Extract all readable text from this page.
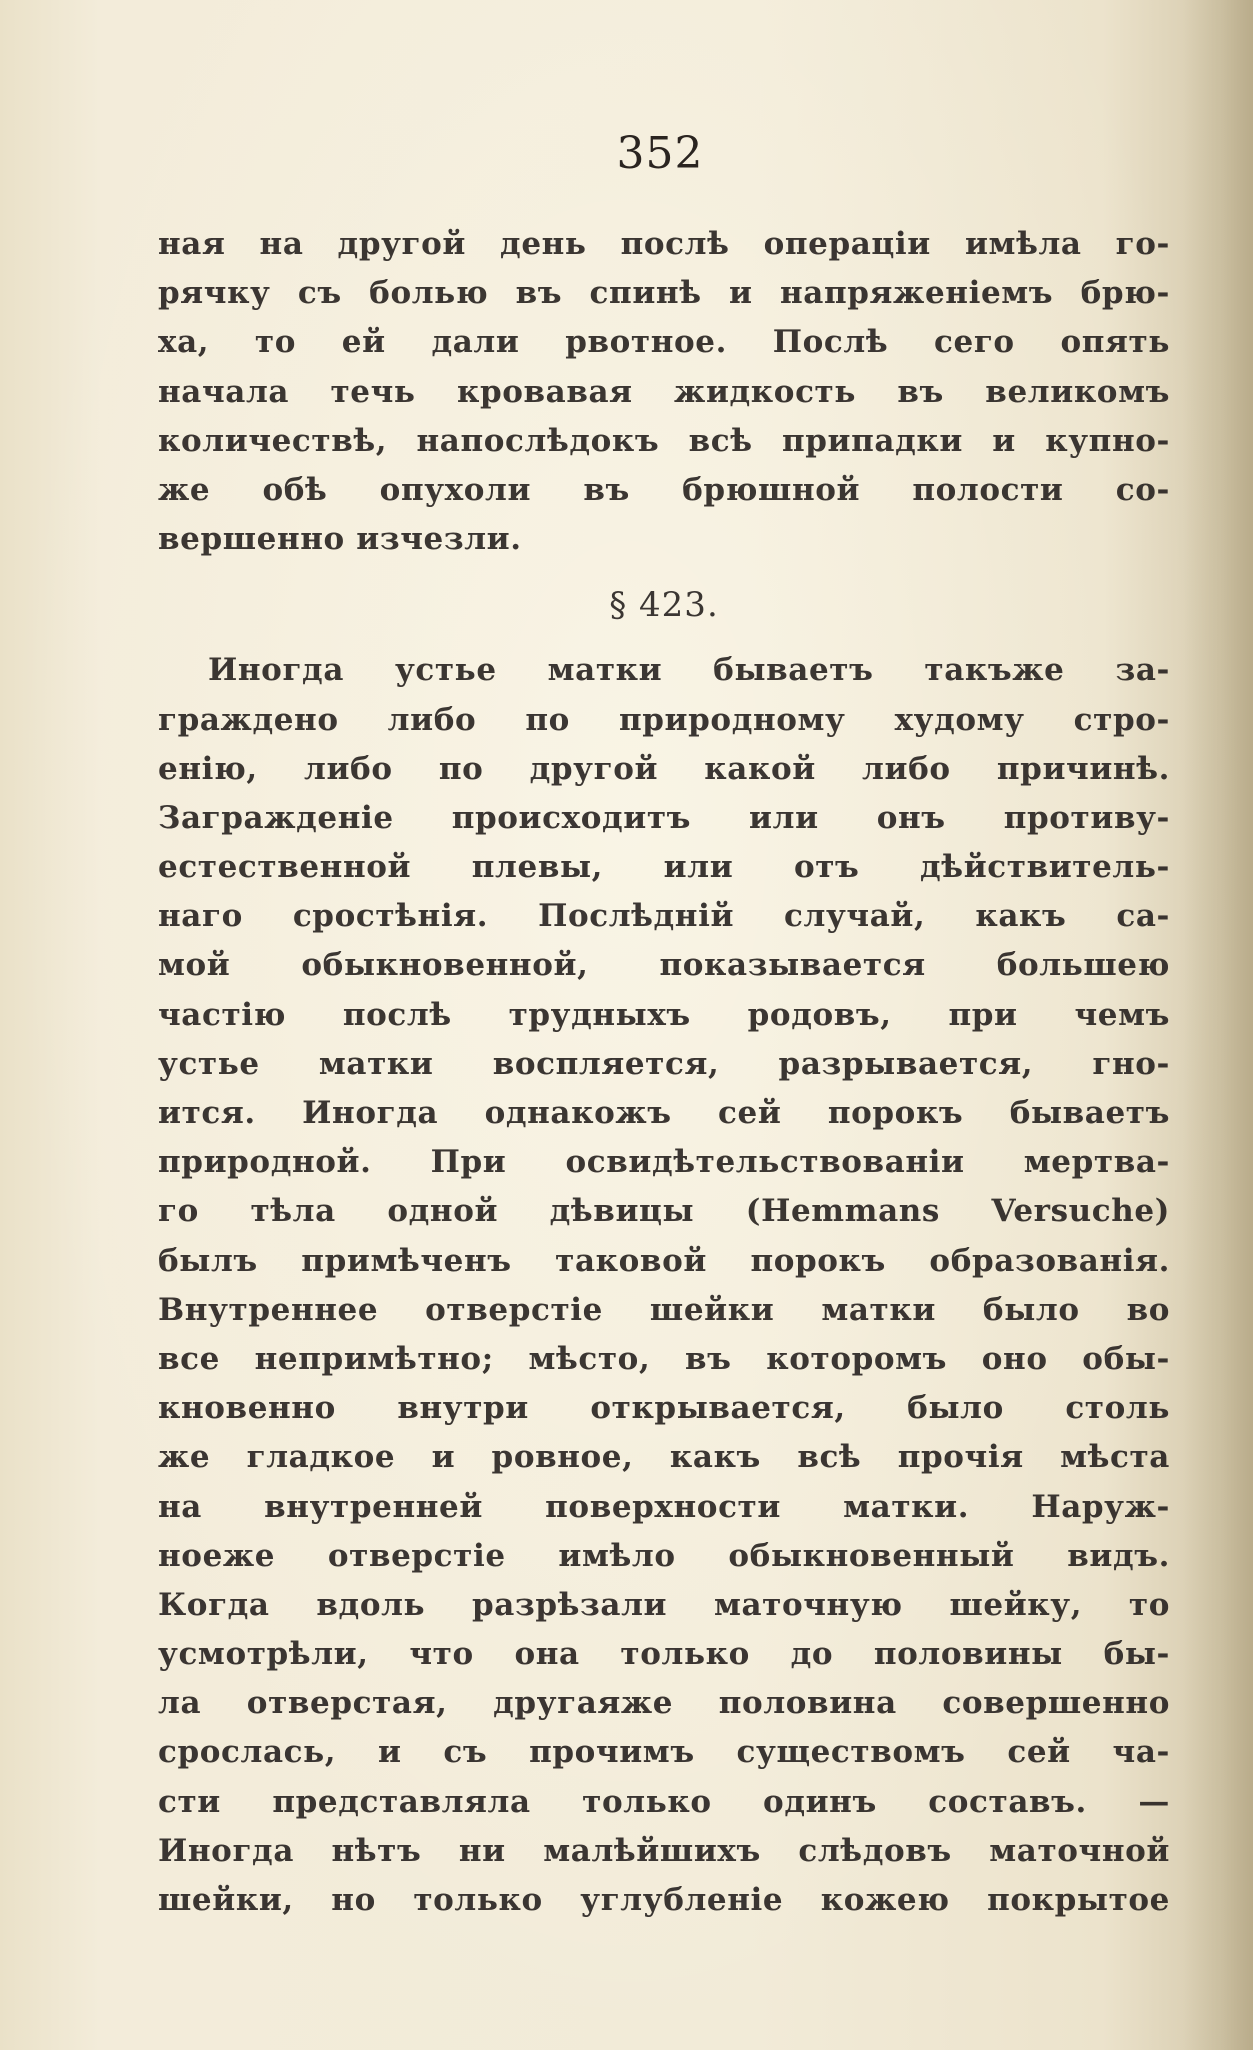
352
ная на другой день послѣ операціи имѣла го-
рячку съ болью въ спинѣ и напряженіемъ брю-
ха, то ей дали рвотное. Послѣ сего опять
начала течь кровавая жидкость въ великомъ
количествѣ, напослѣдокъ всѣ припадки и купно-
же обѣ опухоли въ брюшной полости со-
вершенно изчезли.
§ 423.
Иногда устье матки бываетъ такъже за-
граждено либо по природному худому стро-
енію, либо по другой какой либо причинѣ.
Загражденіе происходитъ или онъ противу-
естественной плевы, или отъ дѣйствитель-
наго сростѣнія. Послѣдній случай, какъ са-
мой обыкновенной, показывается большею
частію послѣ трудныхъ родовъ, при чемъ
устье матки воспляется, разрывается, гно-
ится. Иногда однакожъ сей порокъ бываетъ
природной. При освидѣтельствованіи мертва-
го тѣла одной дѣвицы (Hemmans Versuche)
былъ примѣченъ таковой порокъ образованія.
Внутреннее отверстіе шейки матки было во
все непримѣтно; мѣсто, въ которомъ оно обы-
кновенно внутри открывается, было столь
же гладкое и ровное, какъ всѣ прочія мѣста
на внутренней поверхности матки. Наруж-
ноеже отверстіе имѣло обыкновенный видъ.
Когда вдоль разрѣзали маточную шейку, то
усмотрѣли, что она только до половины бы-
ла отверстая, другаяже половина совершенно
срослась, и съ прочимъ существомъ сей ча-
сти представляла только одинъ составъ. —
Иногда нѣтъ ни малѣйшихъ слѣдовъ маточной
шейки, но только углубленіе кожею покрытое
